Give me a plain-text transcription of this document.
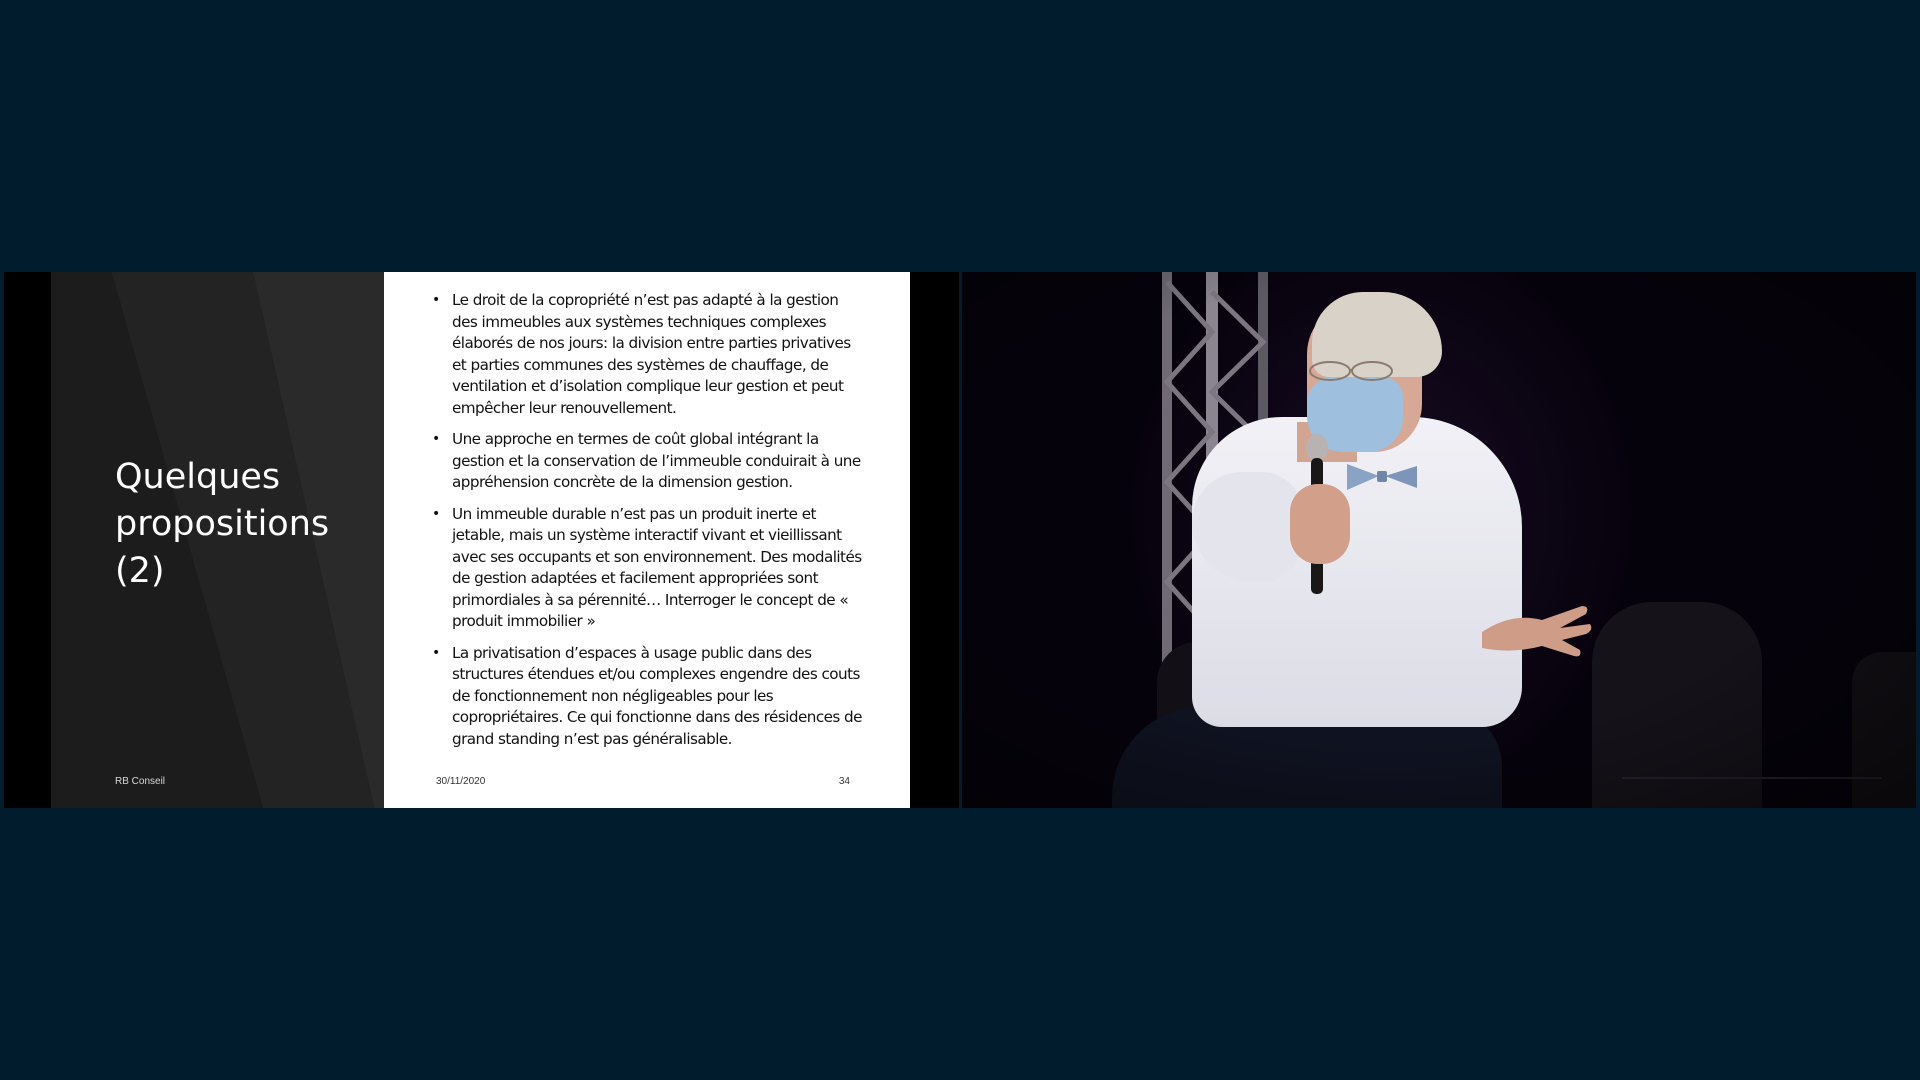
Quelques
propositions
(2)
RB Conseil
• Le droit de la copropriété n’est pas adapté à la gestion des immeubles aux systèmes techniques complexes élaborés de nos jours: la division entre parties privatives et parties communes des systèmes de chauffage, de ventilation et d’isolation complique leur gestion et peut empêcher leur renouvellement.
• Une approche en termes de coût global intégrant la gestion et la conservation de l’immeuble conduirait à une appréhension concrète de la dimension gestion.
• Un immeuble durable n’est pas un produit inerte et jetable, mais un système interactif vivant et vieillissant avec ses occupants et son environnement. Des modalités de gestion adaptées et facilement appropriées sont primordiales à sa pérennité… Interroger le concept de « produit immobilier »
• La privatisation d’espaces à usage public dans des structures étendues et/ou complexes engendre des couts de fonctionnement non négligeables pour les copropriétaires. Ce qui fonctionne dans des résidences de grand standing n’est pas généralisable.
30/11/2020	34
